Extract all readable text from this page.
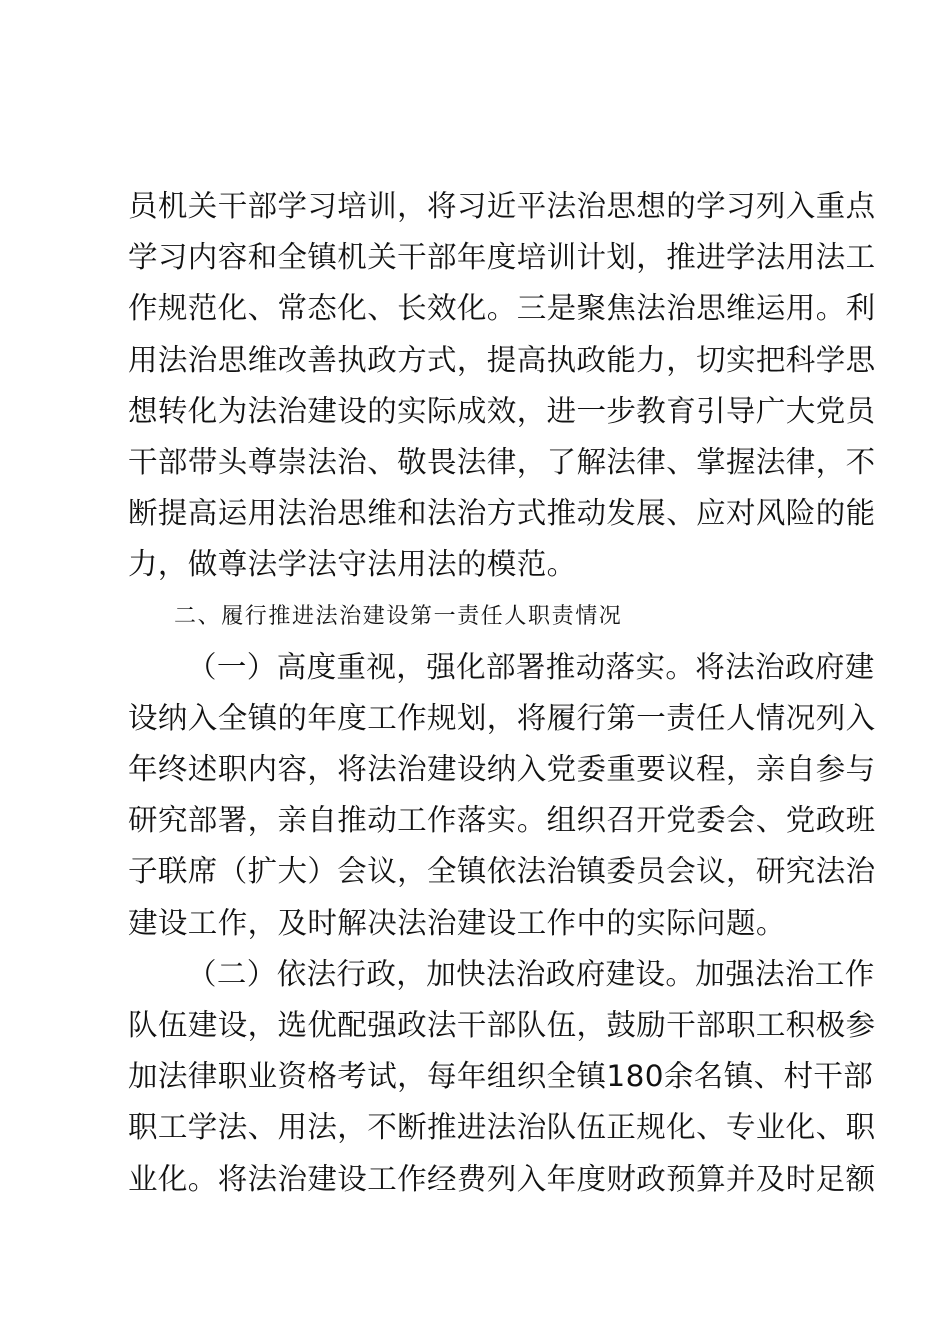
员机关干部学习培训，将习近平法治思想的学习列入重点
学习内容和全镇机关干部年度培训计划，推进学法用法工
作规范化、常态化、长效化。三是聚焦法治思维运用。利
用法治思维改善执政方式，提高执政能力，切实把科学思
想转化为法治建设的实际成效，进一步教育引导广大党员
干部带头尊崇法治、敬畏法律，了解法律、掌握法律，不
断提高运用法治思维和法治方式推动发展、应对风险的能
力，做尊法学法守法用法的模范。
二、履行推进法治建设第一责任人职责情况
（一）高度重视，强化部署推动落实。将法治政府建
设纳入全镇的年度工作规划，将履行第一责任人情况列入
年终述职内容，将法治建设纳入党委重要议程，亲自参与
研究部署，亲自推动工作落实。组织召开党委会、党政班
子联席（扩大）会议，全镇依法治镇委员会议，研究法治
建设工作，及时解决法治建设工作中的实际问题。
（二）依法行政，加快法治政府建设。加强法治工作
队伍建设，选优配强政法干部队伍，鼓励干部职工积极参
加法律职业资格考试，每年组织全镇180余名镇、村干部
职工学法、用法，不断推进法治队伍正规化、专业化、职
业化。将法治建设工作经费列入年度财政预算并及时足额
